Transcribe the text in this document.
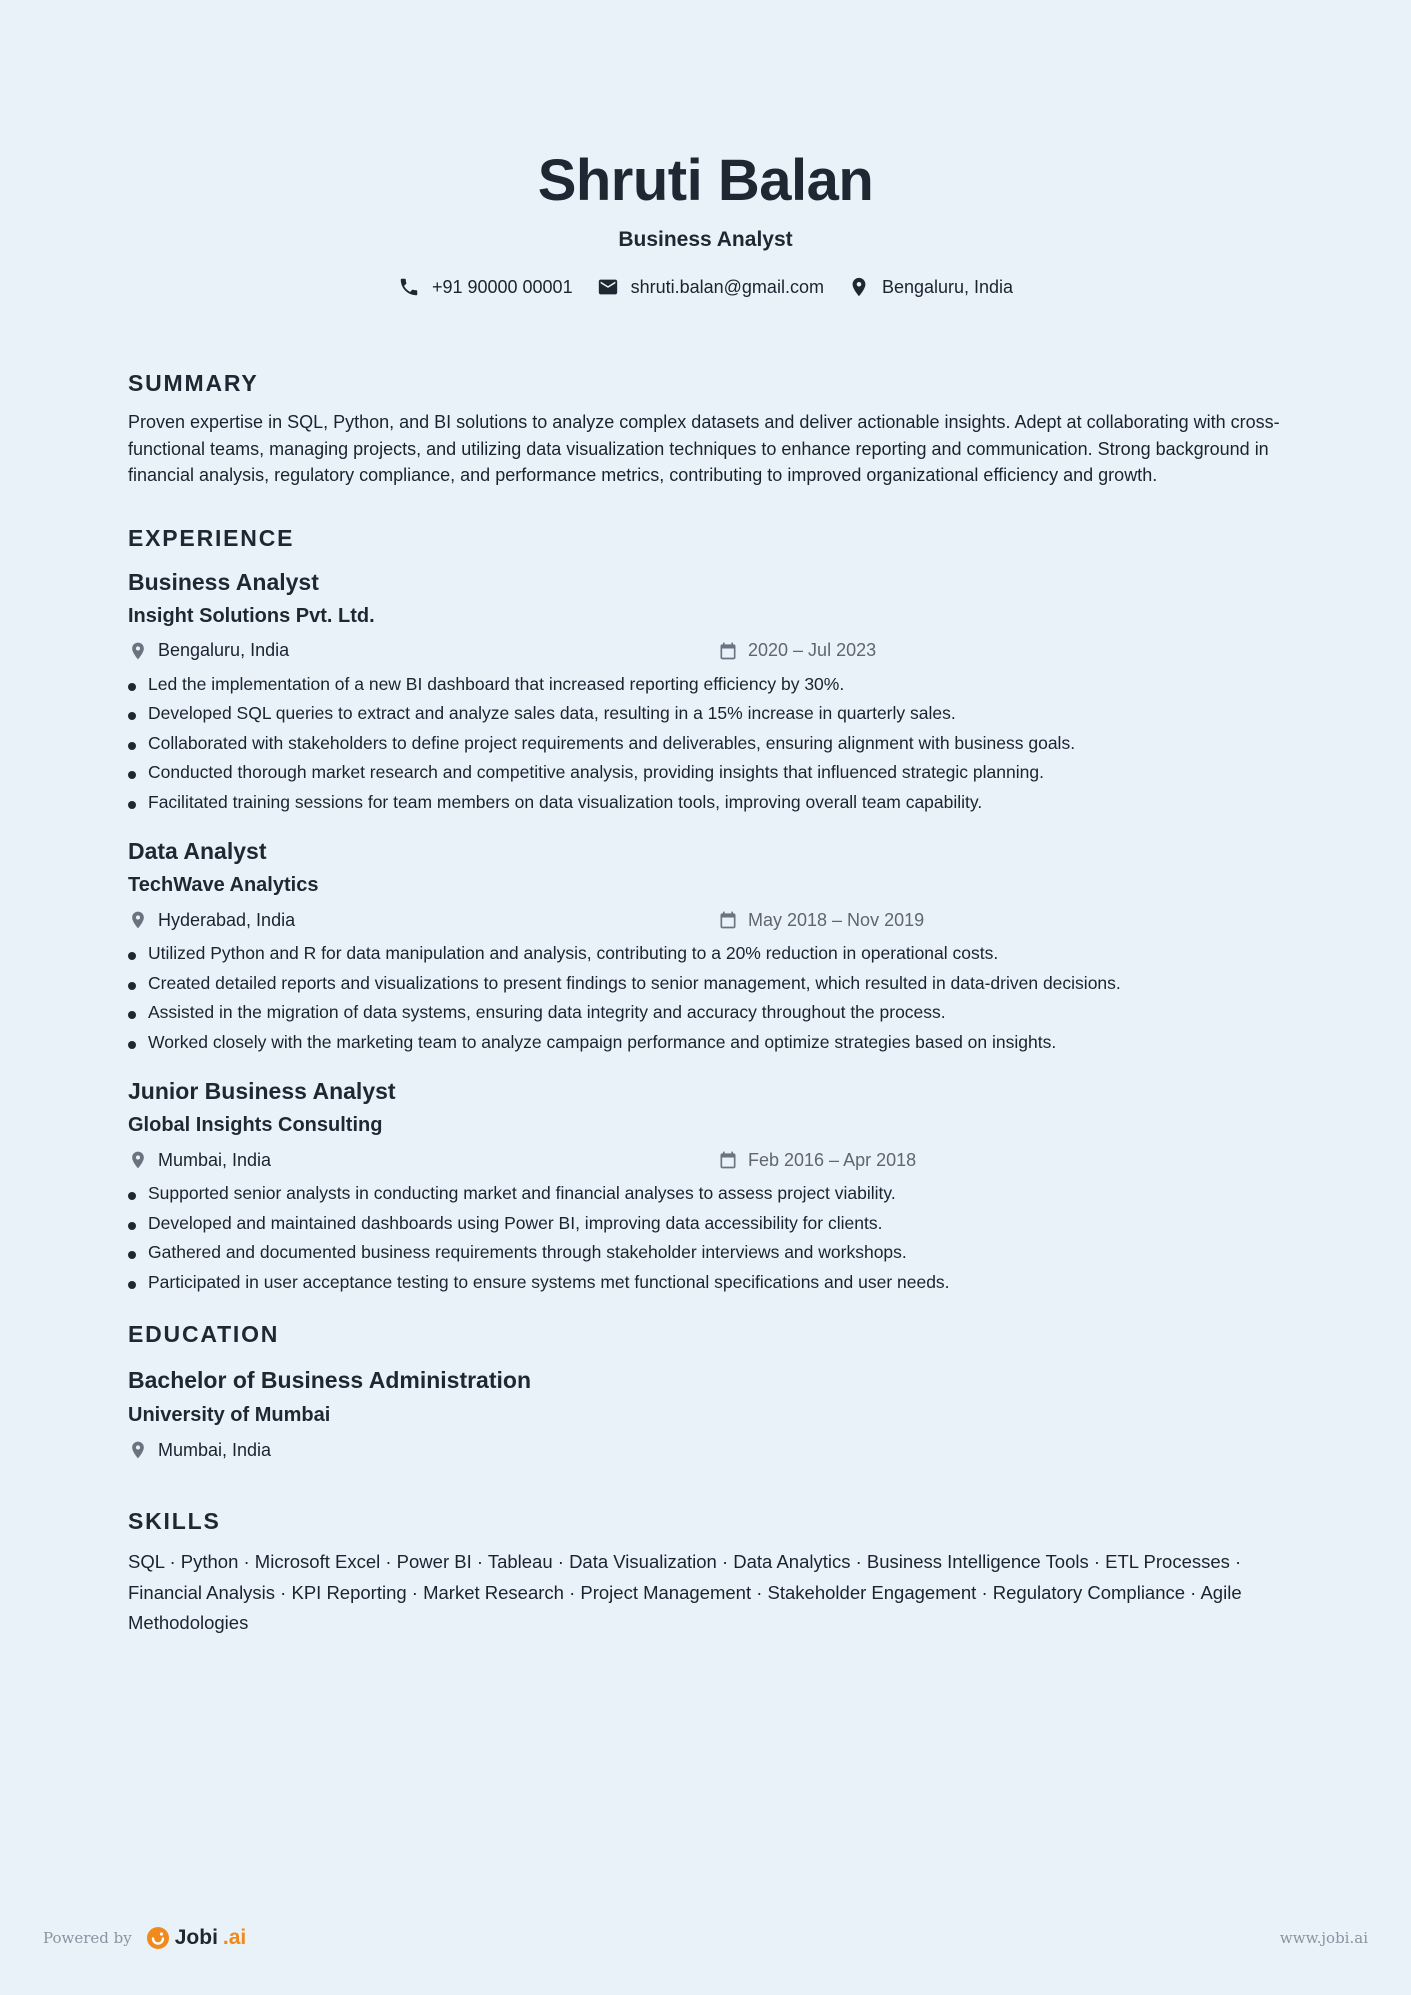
Shruti Balan
Business Analyst
+91 90000 00001	shruti.balan@gmail.com	Bengaluru, India
SUMMARY
Proven expertise in SQL, Python, and BI solutions to analyze complex datasets and deliver actionable insights. Adept at collaborating with cross-functional teams, managing projects, and utilizing data visualization techniques to enhance reporting and communication. Strong background in financial analysis, regulatory compliance, and performance metrics, contributing to improved organizational efficiency and growth.
EXPERIENCE
Business Analyst
Insight Solutions Pvt. Ltd.
Bengaluru, India	2020 – Jul 2023
Led the implementation of a new BI dashboard that increased reporting efficiency by 30%.
Developed SQL queries to extract and analyze sales data, resulting in a 15% increase in quarterly sales.
Collaborated with stakeholders to define project requirements and deliverables, ensuring alignment with business goals.
Conducted thorough market research and competitive analysis, providing insights that influenced strategic planning.
Facilitated training sessions for team members on data visualization tools, improving overall team capability.
Data Analyst
TechWave Analytics
Hyderabad, India	May 2018 – Nov 2019
Utilized Python and R for data manipulation and analysis, contributing to a 20% reduction in operational costs.
Created detailed reports and visualizations to present findings to senior management, which resulted in data-driven decisions.
Assisted in the migration of data systems, ensuring data integrity and accuracy throughout the process.
Worked closely with the marketing team to analyze campaign performance and optimize strategies based on insights.
Junior Business Analyst
Global Insights Consulting
Mumbai, India	Feb 2016 – Apr 2018
Supported senior analysts in conducting market and financial analyses to assess project viability.
Developed and maintained dashboards using Power BI, improving data accessibility for clients.
Gathered and documented business requirements through stakeholder interviews and workshops.
Participated in user acceptance testing to ensure systems met functional specifications and user needs.
EDUCATION
Bachelor of Business Administration
University of Mumbai
Mumbai, India
SKILLS
SQL · Python · Microsoft Excel · Power BI · Tableau · Data Visualization · Data Analytics · Business Intelligence Tools · ETL Processes · Financial Analysis · KPI Reporting · Market Research · Project Management · Stakeholder Engagement · Regulatory Compliance · Agile Methodologies
Powered by Jobi .ai	www.jobi.ai
